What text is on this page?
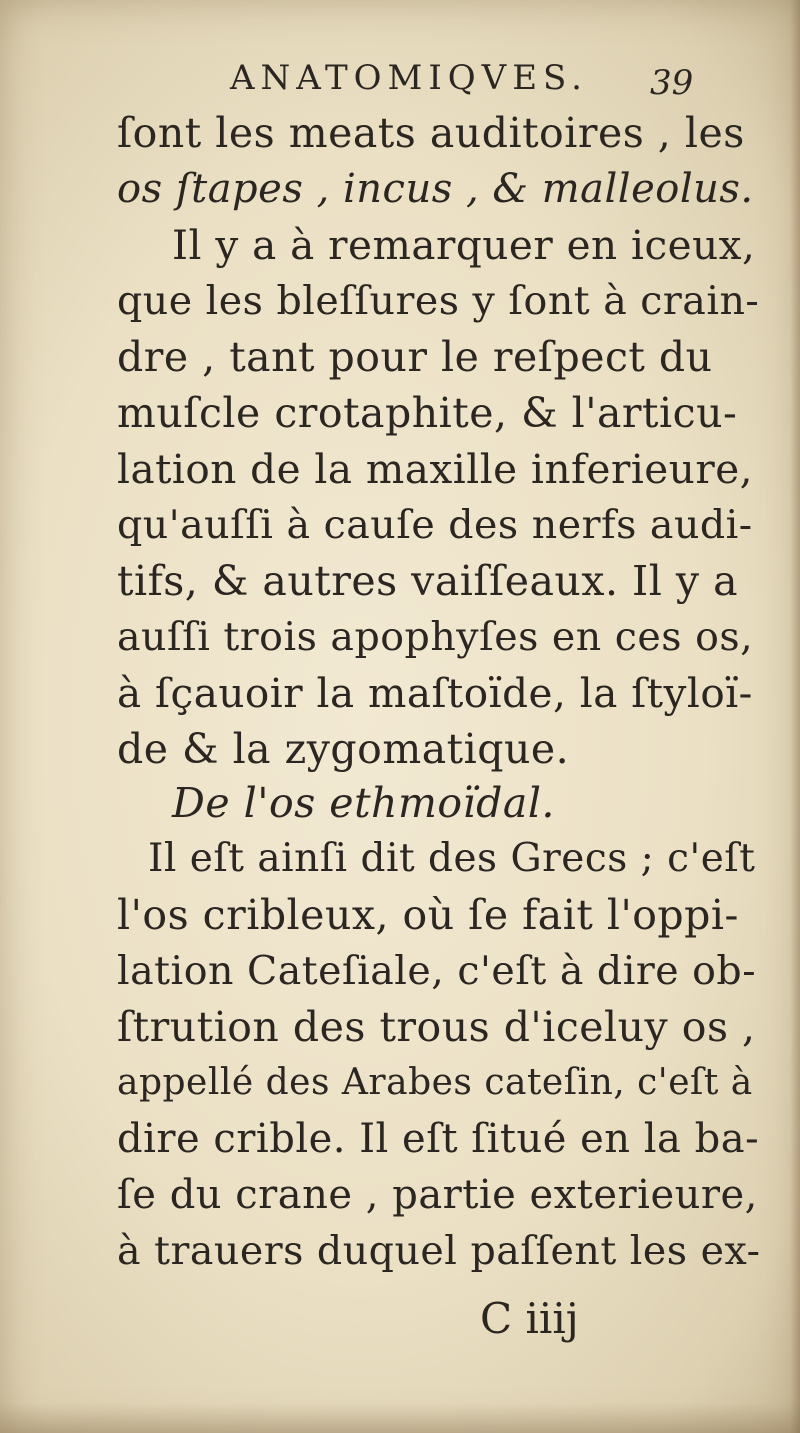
ANATOMIQVES. 39
ſont les meats auditoires , les
os ſtapes , incus , & malleolus.
Il y a à remarquer en iceux,
que les bleſſures y ſont à crain-
dre , tant pour le reſpect du
muſcle crotaphite, & l'articu-
lation de la maxille inferieure,
qu'auſſi à cauſe des nerfs audi-
tifs, & autres vaiſſeaux. Il y a
auſſi trois apophyſes en ces os,
à ſçauoir la maſtoïde, la ſtyloï-
de & la zygomatique.
De l'os ethmoïdal.
Il eſt ainſi dit des Grecs ; c'eſt
l'os cribleux, où ſe fait l'oppi-
lation Cateſiale, c'eſt à dire ob-
ſtrution des trous d'iceluy os ,
appellé des Arabes cateſin, c'eſt à
dire crible. Il eſt ſitué en la ba-
ſe du crane , partie exterieure,
à trauers duquel paſſent les ex-
C iiij
